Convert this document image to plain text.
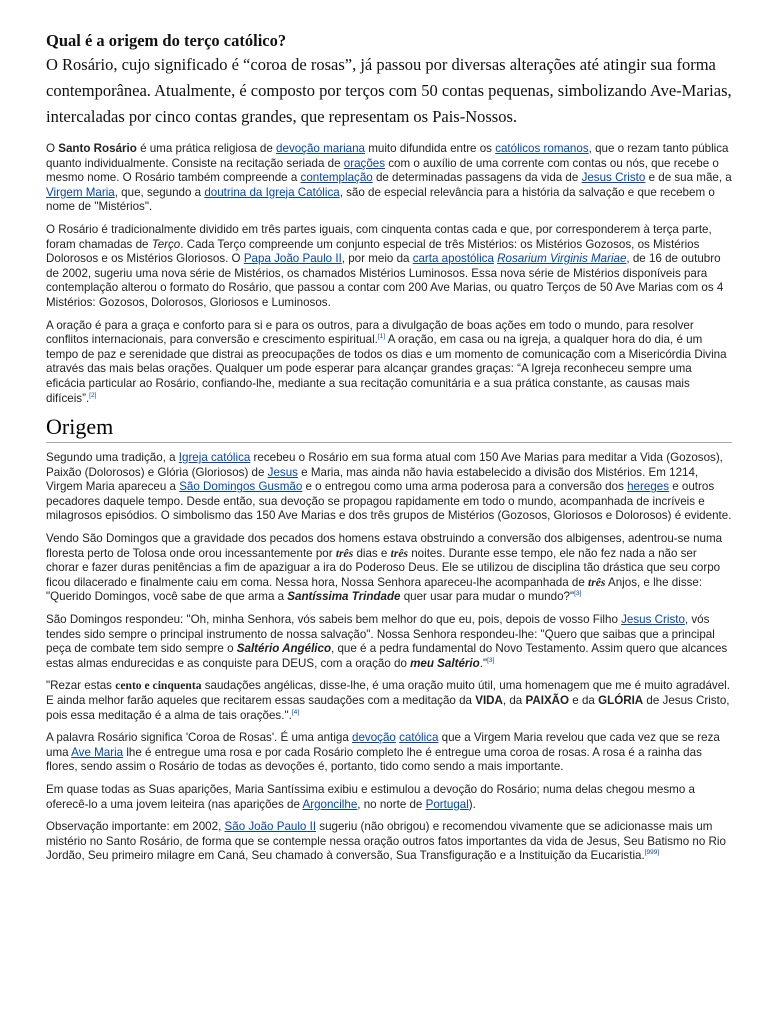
Qual é a origem do terço católico?

O Rosário, cujo significado é “coroa de rosas”, já passou por diversas alterações até atingir sua forma contemporânea. Atualmente, é composto por terços com 50 contas pequenas, simbolizando Ave-Marias, intercaladas por cinco contas grandes, que representam os Pais-Nossos.

O Santo Rosário é uma prática religiosa de devoção mariana muito difundida entre os católicos romanos, que o rezam tanto pública quanto individualmente. Consiste na recitação seriada de orações com o auxílio de uma corrente com contas ou nós, que recebe o mesmo nome. O Rosário também compreende a contemplação de determinadas passagens da vida de Jesus Cristo e de sua mãe, a Virgem Maria, que, segundo a doutrina da Igreja Católica, são de especial relevância para a história da salvação e que recebem o nome de "Mistérios".

O Rosário é tradicionalmente dividido em três partes iguais, com cinquenta contas cada e que, por corresponderem à terça parte, foram chamadas de Terço. Cada Terço compreende um conjunto especial de três Mistérios: os Mistérios Gozosos, os Mistérios Dolorosos e os Mistérios Gloriosos. O Papa João Paulo II, por meio da carta apostólica Rosarium Virginis Mariae, de 16 de outubro de 2002, sugeriu uma nova série de Mistérios, os chamados Mistérios Luminosos. Essa nova série de Mistérios disponíveis para contemplação alterou o formato do Rosário, que passou a contar com 200 Ave Marias, ou quatro Terços de 50 Ave Marias com os 4 Mistérios: Gozosos, Dolorosos, Gloriosos e Luminosos.

A oração é para a graça e conforto para si e para os outros, para a divulgação de boas ações em todo o mundo, para resolver conflitos internacionais, para conversão e crescimento espiritual.[1] A oração, em casa ou na igreja, a qualquer hora do dia, é um tempo de paz e serenidade que distrai as preocupações de todos os dias e um momento de comunicação com a Misericórdia Divina através das mais belas orações. Qualquer um pode esperar para alcançar grandes graças: “A Igreja reconheceu sempre uma eficácia particular ao Rosário, confiando-lhe, mediante a sua recitação comunitária e a sua prática constante, as causas mais difíceis”.[2]

Origem

Segundo uma tradição, a Igreja católica recebeu o Rosário em sua forma atual com 150 Ave Marias para meditar a Vida (Gozosos), Paixão (Dolorosos) e Glória (Gloriosos) de Jesus e Maria, mas ainda não havia estabelecido a divisão dos Mistérios. Em 1214, Virgem Maria apareceu a São Domingos Gusmão e o entregou como uma arma poderosa para a conversão dos hereges e outros pecadores daquele tempo. Desde então, sua devoção se propagou rapidamente em todo o mundo, acompanhada de incríveis e milagrosos episódios. O simbolismo das 150 Ave Marias e dos três grupos de Mistérios (Gozosos, Gloriosos e Dolorosos) é evidente.

Vendo São Domingos que a gravidade dos pecados dos homens estava obstruindo a conversão dos albigenses, adentrou-se numa floresta perto de Tolosa onde orou incessantemente por três dias e três noites. Durante esse tempo, ele não fez nada a não ser chorar e fazer duras penitências a fim de apaziguar a ira do Poderoso Deus. Ele se utilizou de disciplina tão drástica que seu corpo ficou dilacerado e finalmente caiu em coma. Nessa hora, Nossa Senhora apareceu-lhe acompanhada de três Anjos, e lhe disse: "Querido Domingos, você sabe de que arma a Santíssima Trindade quer usar para mudar o mundo?"[3]

São Domingos respondeu: "Oh, minha Senhora, vós sabeis bem melhor do que eu, pois, depois de vosso Filho Jesus Cristo, vós tendes sido sempre o principal instrumento de nossa salvação". Nossa Senhora respondeu-lhe: "Quero que saibas que a principal peça de combate tem sido sempre o Saltério Angélico, que é a pedra fundamental do Novo Testamento. Assim quero que alcances estas almas endurecidas e as conquiste para DEUS, com a oração do meu Saltério."[3]

"Rezar estas cento e cinquenta saudações angélicas, disse-lhe, é uma oração muito útil, uma homenagem que me é muito agradável. E ainda melhor farão aqueles que recitarem essas saudações com a meditação da VIDA, da PAIXÃO e da GLÓRIA de Jesus Cristo, pois essa meditação é a alma de tais orações.".[4]

A palavra Rosário significa 'Coroa de Rosas'. É uma antiga devoção católica que a Virgem Maria revelou que cada vez que se reza uma Ave Maria lhe é entregue uma rosa e por cada Rosário completo lhe é entregue uma coroa de rosas. A rosa é a rainha das flores, sendo assim o Rosário de todas as devoções é, portanto, tido como sendo a mais importante.

Em quase todas as Suas aparições, Maria Santíssima exibiu e estimulou a devoção do Rosário; numa delas chegou mesmo a oferecê-lo a uma jovem leiteira (nas aparições de Argoncilhe, no norte de Portugal).

Observação importante: em 2002, São João Paulo II sugeriu (não obrigou) e recomendou vivamente que se adicionasse mais um mistério no Santo Rosário, de forma que se contemple nessa oração outros fatos importantes da vida de Jesus, Seu Batismo no Rio Jordão, Seu primeiro milagre em Caná, Seu chamado à conversão, Sua Transfiguração e a Instituição da Eucaristia.[999]
